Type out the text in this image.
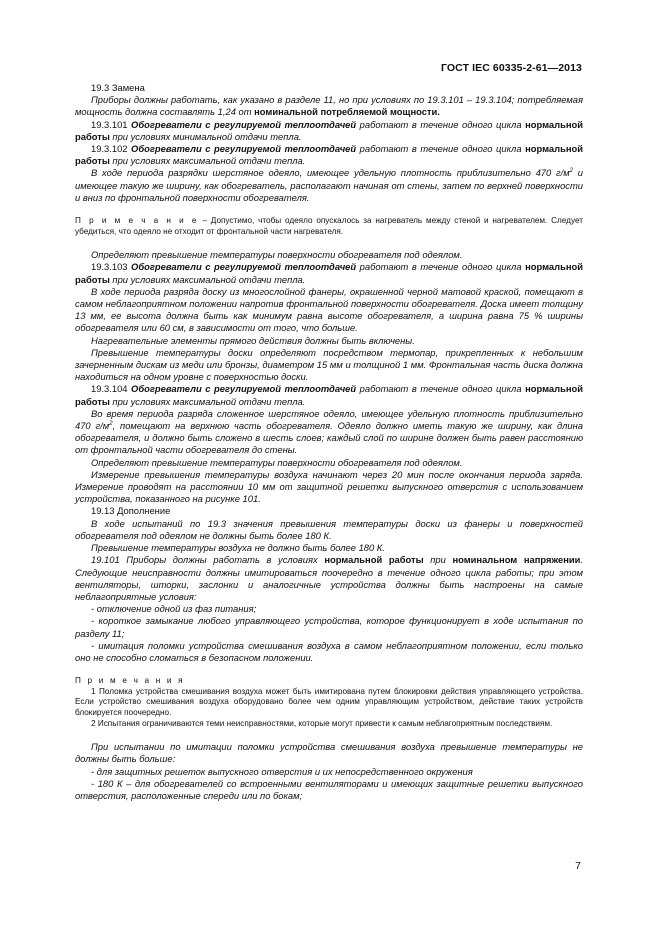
ГОСТ IEC 60335-2-61—2013

19.3 Замена

Приборы должны работать, как указано в разделе 11, но при условиях по 19.3.101 – 19.3.104; потребляемая мощность должна составлять 1,24 от номинальной потребляемой мощности.

19.3.101 Обогреватели с регулируемой теплоотдачей работают в течение одного цикла нормальной работы при условиях минимальной отдачи тепла.

19.3.102 Обогреватели с регулируемой теплоотдачей работают в течение одного цикла нормальной работы при условиях максимальной отдачи тепла.

В ходе периода разрядки шерстяное одеяло, имеющее удельную плотность приблизительно 470 $г/м^2$ и имеющее такую же ширину, как обогреватель, располагают начиная от стены, затем по верхней поверхности и вниз по фронтальной поверхности обогревателя.

П р и м е ч а н и е – Допустимо, чтобы одеяло опускалось за нагреватель между стеной и нагревателем. Следует убедиться, что одеяло не отходит от фронтальной части нагревателя.

Определяют превышение температуры поверхности обогревателя под одеялом.

19.3.103 Обогреватели с регулируемой теплоотдачей работают в течение одного цикла нормальной работы при условиях максимальной отдачи тепла.

В ходе периода разряда доску из многослойной фанеры, окрашенной черной матовой краской, помещают в самом неблагоприятном положении напротив фронтальной поверхности обогревателя. Доска имеет толщину 13 мм, ее высота должна быть как минимум равна высоте обогревателя, а ширина равна 75 % ширины обогревателя или 60 см, в зависимости от того, что больше.

Нагревательные элементы прямого действия должны быть включены.

Превышение температуры доски определяют посредством термопар, прикрепленных к небольшим зачерненным дискам из меди или бронзы, диаметром 15 мм и толщиной 1 мм. Фронтальная часть диска должна находиться на одном уровне с поверхностью доски.

19.3.104 Обогреватели с регулируемой теплоотдачей работают в течение одного цикла нормальной работы при условиях максимальной отдачи тепла.

Во время периода разряда сложенное шерстяное одеяло, имеющее удельную плотность приблизительно 470 $г/м^2$, помещают на верхнюю часть обогревателя. Одеяло должно иметь такую же ширину, как длина обогревателя, и должно быть сложено в шесть слоев; каждый слой по ширине должен быть равен расстоянию от фронтальной части обогревателя до стены.

Определяют превышение температуры поверхности обогревателя под одеялом.

Измерение превышения температуры воздуха начинают через 20 мин после окончания периода заряда. Измерение проводят на расстоянии 10 мм от защитной решетки выпускного отверстия с использованием устройства, показанного на рисунке 101.

19.13 Дополнение

В ходе испытаний по 19.3 значения превышения температуры доски из фанеры и поверхностей обогревателя под одеялом не должны быть более 180 К.

Превышение температуры воздуха не должно быть более 180 К.

19.101 Приборы должны работать в условиях нормальной работы при номинальном напряжении. Следующие неисправности должны имитироваться поочередно в течение одного цикла работы; при этом вентиляторы, шторки, заслонки и аналогичные устройства должны быть настроены на самые неблагоприятные условия:

- отключение одной из фаз питания;

- короткое замыкание любого управляющего устройства, которое функционирует в ходе испытания по разделу 11;

- имитация поломки устройства смешивания воздуха в самом неблагоприятном положении, если только оно не способно сломаться в безопасном положении.

П р и м е ч а н и я

1 Поломка устройства смешивания воздуха может быть имитирована путем блокировки действия управляющего устройства. Если устройство смешивания воздуха оборудовано более чем одним управляющим устройством, действие таких устройств блокируется поочередно.

2 Испытания ограничиваются теми неисправностями, которые могут привести к самым неблагоприятным последствиям.

При испытании по имитации поломки устройства смешивания воздуха превышение температуры не должны быть больше:

- для защитных решеток выпускного отверстия и их непосредственного окружения

- 180 К – для обогревателей со встроенными вентиляторами и имеющих защитные решетки выпускного отверстия, расположенные спереди или по бокам;

7
